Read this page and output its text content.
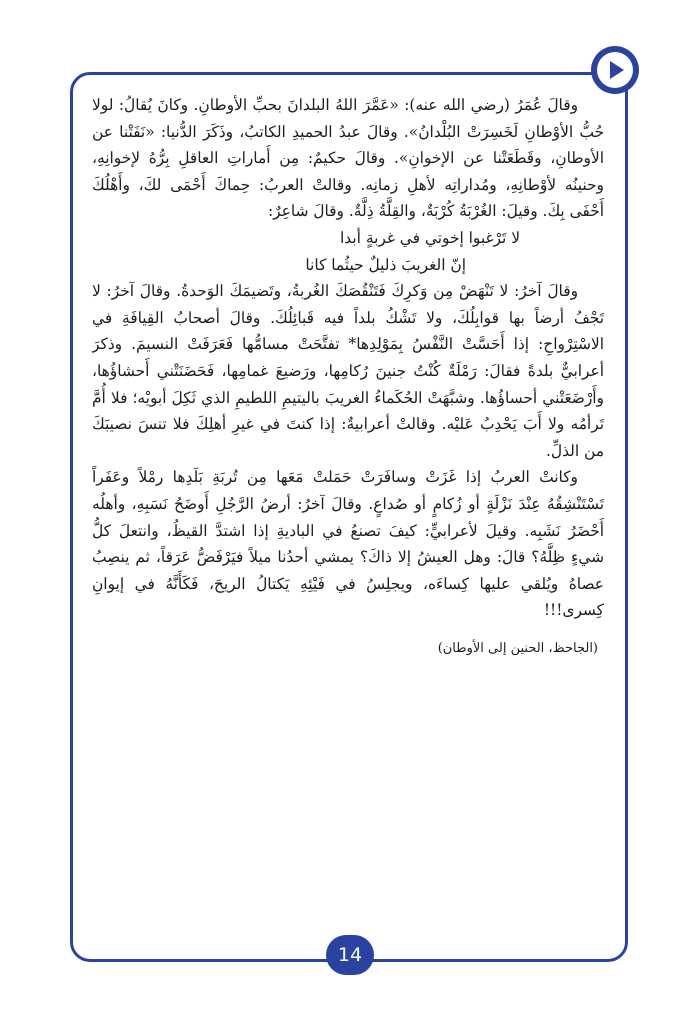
وقالَ عُمَرُ (رضي الله عنه): «عَمَّرَ اللهُ البلدانَ بحبِّ الأوطانِ. وكانَ يُقالُ: لولا حُبُّ الأوْطانِ لَخَسِرَتْ البُلْدانُ». وقالَ عبدُ الحميدِ الكاتبُ، وذَكَرَ الدُّنيا: «نَفَتْنا عن الأوطانِ، وقَطَعَتْنا عن الإخوانِ». وقالَ حكيمٌ: مِن أَماراتِ العاقلِ بِرُّهُ لإخوانِهِ، وحنينُه لأوْطانِهِ، ومُداراتِه لأهلِ زمانِه. وقالتْ العربُ: حِماكَ أَحْمَى لكَ، وأَهْلُكَ أَحْفَى بِكَ. وقيلَ: الغُرْبَةُ كُرْبَةٌ، والقِلَّةُ ذِلَّةٌ. وقالَ شاعِرٌ:

لا تَرْغبوا إخوتي في غربةٍ أبدا
إنّ الغريبَ ذليلٌ حيثُما كانا

وقالَ آخرُ: لا تَنْهَضْ مِن وَكرِكَ فَتَنْقُصَكَ الغُربةُ، وتَضيمَكَ الوَحدةُ. وقالَ آخرُ: لا تَجْفُ أرضاً بها قوابِلُكَ، ولا تَشْكُ بلداً فيه قَبائِلُكَ. وقالَ أصحابُ القِيافَةِ في الاسْتِرْواحِ: إذا أَحَسَّتْ النَّفْسُ بِمَوْلِدِها* تفتَّحَتْ مسامُّها فَعَرَفَتْ النسيمَ. وذكرَ أعرابيٌّ بلدةً فقالَ: رَمْلَةٌ كُنْتُ جنينَ رُكامِها، ورَضيعَ غمامِها، فَحَضَنَتْني أَحشاؤُها، وأَرْضَعَتْني أحساؤُها. وشبَّهَتْ الحُكَماءُ الغريبَ باليتيمِ اللطيمِ الذي ثَكِلَ أبويْه؛ فلا أُمَّ تَرأمُه ولا أَبَ يَحْدِبُ عَليْه. وقالتْ أعرابيةٌ: إذا كنتَ في غيرِ أهلِكَ فلا تنسَ نصيبَكَ من الذلِّ.

وكانتْ العربُ إذا غَزَتْ وسافَرَتْ حَمَلتْ مَعَها مِن تُربَةِ بَلَدِها رمْلاً وعَفَراً تَسْتَنْشِقُهُ عِنْدَ نَزْلَةٍ أو زُكامٍ أو صُداعٍ. وقالَ آخرُ: أرضُ الرَّجُلِ أَوضَحُ نَسَبِهِ، وأهلُه أَحْضَرُ نَشَبِه. وقيلَ لأعرابيٍّ: كيفَ تصنعُ في الباديةِ إذا اشتدَّ القيظُ، وانتعلَ كلُّ شيءٍ ظِلَّهُ؟ قالَ: وهل العيشُ إلا ذاكَ؟ يمشي أحدُنا ميلاً فيَرْفَضُّ عَرَقاً، ثم ينصِبُ عصاهُ ويُلقي عليها كِساءَه، ويجلِسُ في فَيْئِهِ يَكتالُ الريحَ، فَكَأَنَّهُ في إيوانِ كِسرى!!!

(الجاحظ، الحنين إلى الأوطان)
14
